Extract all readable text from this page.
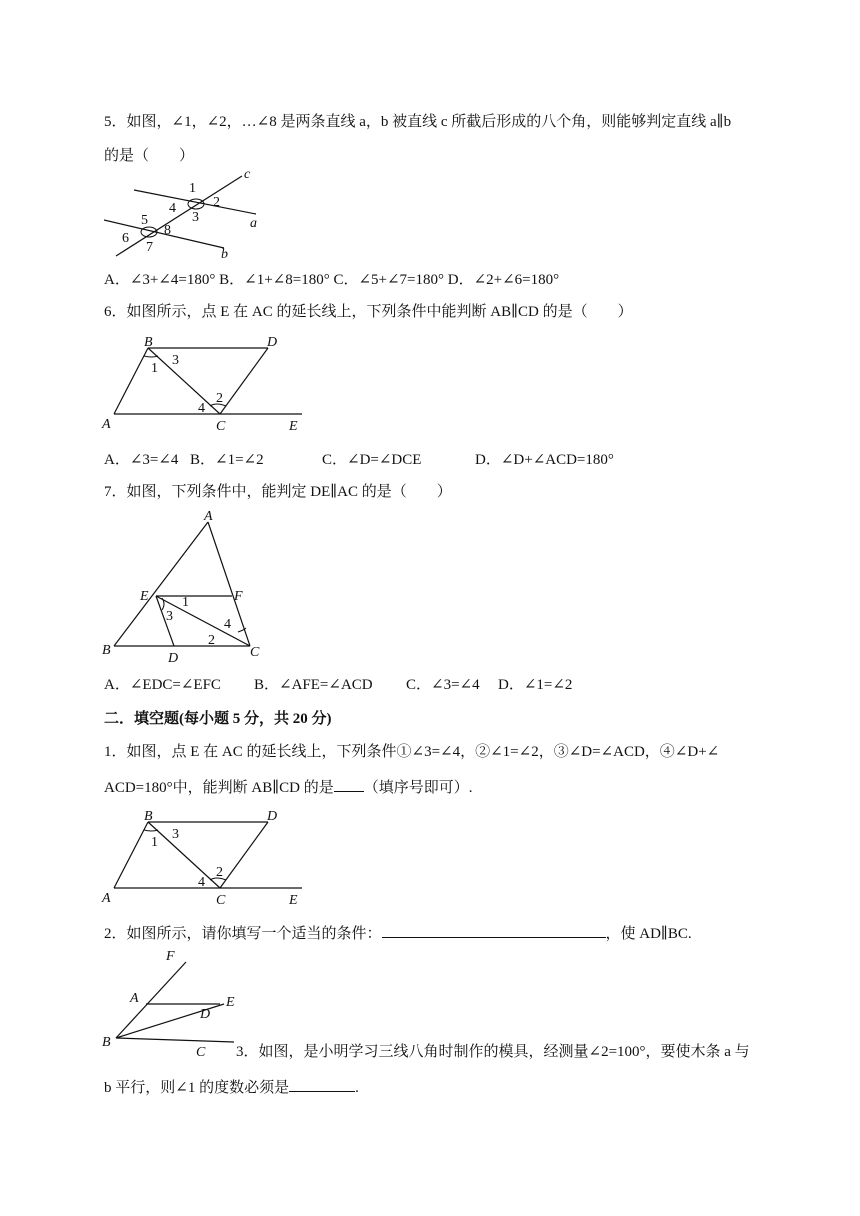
5．如图，∠1，∠2，…∠8 是两条直线 a，b 被直线 c 所截后形成的八个角，则能够判定直线 a∥b
的是（　　）
c
a
b
1
2
3
4
5
6
7
8
A．∠3+∠4=180° B．∠1+∠8=180° C．∠5+∠7=180° D．∠2+∠6=180°
6．如图所示，点 E 在 AC 的延长线上，下列条件中能判断 AB∥CD 的是（　　）
B	D
A	C	E
1
3
2
4
A．∠3=∠4 B．∠1=∠2	C．∠D=∠DCE	D．∠D+∠ACD=180°
7．如图，下列条件中，能判定 DE∥AC 的是（　　）
A
E	F
B
D	C
1
3
2
4
A．∠EDC=∠EFC B．∠AFE=∠ACD C．∠3=∠4 D．∠1=∠2
二．填空题(每小题 5 分，共 20 分)
1．如图，点 E 在 AC 的延长线上，下列条件①∠3=∠4，②∠1=∠2，③∠D=∠ACD，④∠D+∠
ACD=180°中，能判断 AB∥CD 的是 （填序号即可）.
B	D
A	C	E
1
3
2
4
2．如图所示，请你填写一个适当的条件：	，使 AD∥BC.
F
A	E
D
B
C 3．如图，是小明学习三线八角时制作的模具，经测量∠2=100°，要使木条 a 与
b 平行，则∠1 的度数必须是	.
